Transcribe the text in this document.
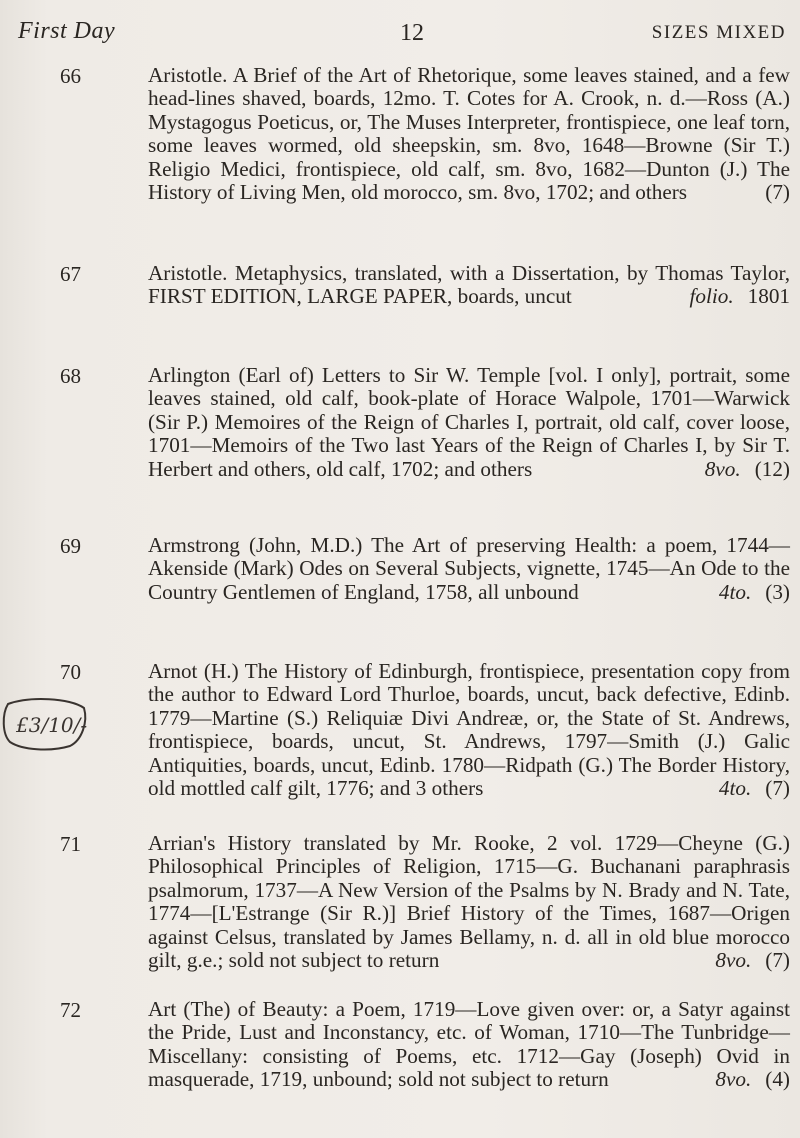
First Day	12	SIZES MIXED
£3/10/-
66	Aristotle. A Brief of the Art of Rhetorique, some leaves stained, and a few head-lines shaved, boards, 12mo. T. Cotes for A. Crook, n. d.—Ross (A.) Mystagogus Poeticus, or, The Muses Interpreter, frontispiece, one leaf torn, some leaves wormed, old sheepskin, sm. 8vo, 1648—Browne (Sir T.) Religio Medici, frontispiece, old calf, sm. 8vo, 1682—Dunton (J.) The History of Living Men, old morocco, sm. 8vo, 1702; and others	(7)
67	Aristotle. Metaphysics, translated, with a Dissertation, by Thomas Taylor, FIRST EDITION, LARGE PAPER, boards, uncut	folio. 1801
68	Arlington (Earl of) Letters to Sir W. Temple [vol. I only], portrait, some leaves stained, old calf, book-plate of Horace Walpole, 1701—Warwick (Sir P.) Memoires of the Reign of Charles I, portrait, old calf, cover loose, 1701—Memoirs of the Two last Years of the Reign of Charles I, by Sir T. Herbert and others, old calf, 1702; and others	8vo. (12)
69	Armstrong (John, M.D.) The Art of preserving Health: a poem, 1744—Akenside (Mark) Odes on Several Subjects, vignette, 1745—An Ode to the Country Gentlemen of England, 1758, all unbound	4to. (3)
70	Arnot (H.) The History of Edinburgh, frontispiece, presentation copy from the author to Edward Lord Thurloe, boards, uncut, back defective, Edinb. 1779—Martine (S.) Reliquiæ Divi Andreæ, or, the State of St. Andrews, frontispiece, boards, uncut, St. Andrews, 1797—Smith (J.) Galic Antiquities, boards, uncut, Edinb. 1780—Ridpath (G.) The Border History, old mottled calf gilt, 1776; and 3 others	4to. (7)
71	Arrian's History translated by Mr. Rooke, 2 vol. 1729—Cheyne (G.) Philosophical Principles of Religion, 1715—G. Buchanani paraphrasis psalmorum, 1737—A New Version of the Psalms by N. Brady and N. Tate, 1774—[L'Estrange (Sir R.)] Brief History of the Times, 1687—Origen against Celsus, translated by James Bellamy, n. d. all in old blue morocco gilt, g.e.; sold not subject to return	8vo. (7)
72	Art (The) of Beauty: a Poem, 1719—Love given over: or, a Satyr against the Pride, Lust and Inconstancy, etc. of Woman, 1710—The Tunbridge—Miscellany: consisting of Poems, etc. 1712—Gay (Joseph) Ovid in masquerade, 1719, unbound; sold not subject to return	8vo. (4)
